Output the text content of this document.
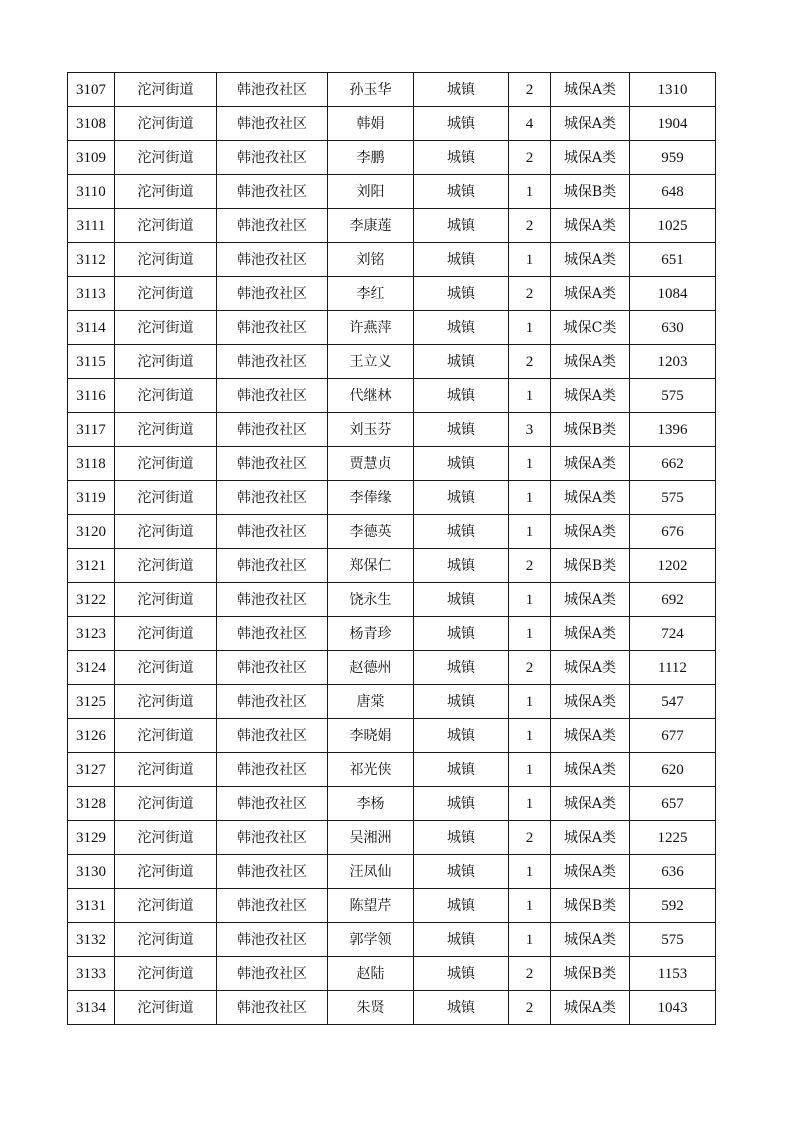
3107	沱河街道	韩池孜社区	孙玉华	城镇	2	城保A类	1310
3108	沱河街道	韩池孜社区	韩娟	城镇	4	城保A类	1904
3109	沱河街道	韩池孜社区	李鹏	城镇	2	城保A类	959
3110	沱河街道	韩池孜社区	刘阳	城镇	1	城保B类	648
3111	沱河街道	韩池孜社区	李康莲	城镇	2	城保A类	1025
3112	沱河街道	韩池孜社区	刘铭	城镇	1	城保A类	651
3113	沱河街道	韩池孜社区	李红	城镇	2	城保A类	1084
3114	沱河街道	韩池孜社区	许燕萍	城镇	1	城保C类	630
3115	沱河街道	韩池孜社区	王立义	城镇	2	城保A类	1203
3116	沱河街道	韩池孜社区	代继林	城镇	1	城保A类	575
3117	沱河街道	韩池孜社区	刘玉芬	城镇	3	城保B类	1396
3118	沱河街道	韩池孜社区	贾慧贞	城镇	1	城保A类	662
3119	沱河街道	韩池孜社区	李俸缘	城镇	1	城保A类	575
3120	沱河街道	韩池孜社区	李德英	城镇	1	城保A类	676
3121	沱河街道	韩池孜社区	郑保仁	城镇	2	城保B类	1202
3122	沱河街道	韩池孜社区	饶永生	城镇	1	城保A类	692
3123	沱河街道	韩池孜社区	杨青珍	城镇	1	城保A类	724
3124	沱河街道	韩池孜社区	赵德州	城镇	2	城保A类	1112
3125	沱河街道	韩池孜社区	唐棠	城镇	1	城保A类	547
3126	沱河街道	韩池孜社区	李晓娟	城镇	1	城保A类	677
3127	沱河街道	韩池孜社区	祁光侠	城镇	1	城保A类	620
3128	沱河街道	韩池孜社区	李杨	城镇	1	城保A类	657
3129	沱河街道	韩池孜社区	吴湘洲	城镇	2	城保A类	1225
3130	沱河街道	韩池孜社区	汪凤仙	城镇	1	城保A类	636
3131	沱河街道	韩池孜社区	陈望芹	城镇	1	城保B类	592
3132	沱河街道	韩池孜社区	郭学领	城镇	1	城保A类	575
3133	沱河街道	韩池孜社区	赵陆	城镇	2	城保B类	1153
3134	沱河街道	韩池孜社区	朱贤	城镇	2	城保A类	1043
